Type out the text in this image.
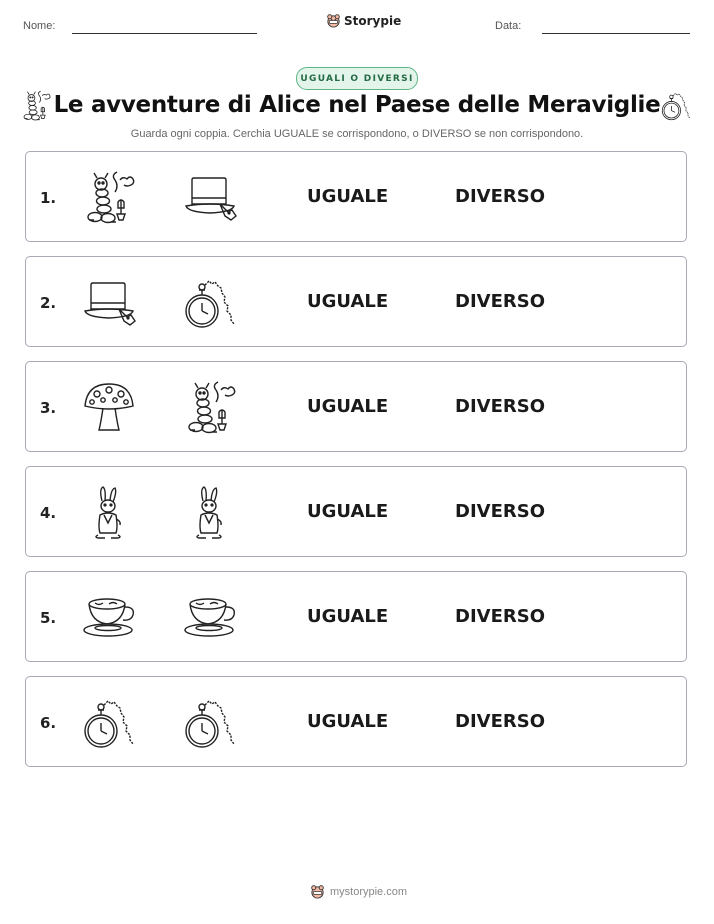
Nome:	Storypie	Data:
UGUALI O DIVERSI
Le avventure di Alice nel Paese delle Meraviglie
Guarda ogni coppia. Cerchia UGUALE se corrispondono, o DIVERSO se non corrispondono.
1.	UGUALE	DIVERSO
2.	UGUALE	DIVERSO
3.	UGUALE	DIVERSO
4.	UGUALE	DIVERSO
5.	UGUALE	DIVERSO
6.	UGUALE	DIVERSO
mystorypie.com
